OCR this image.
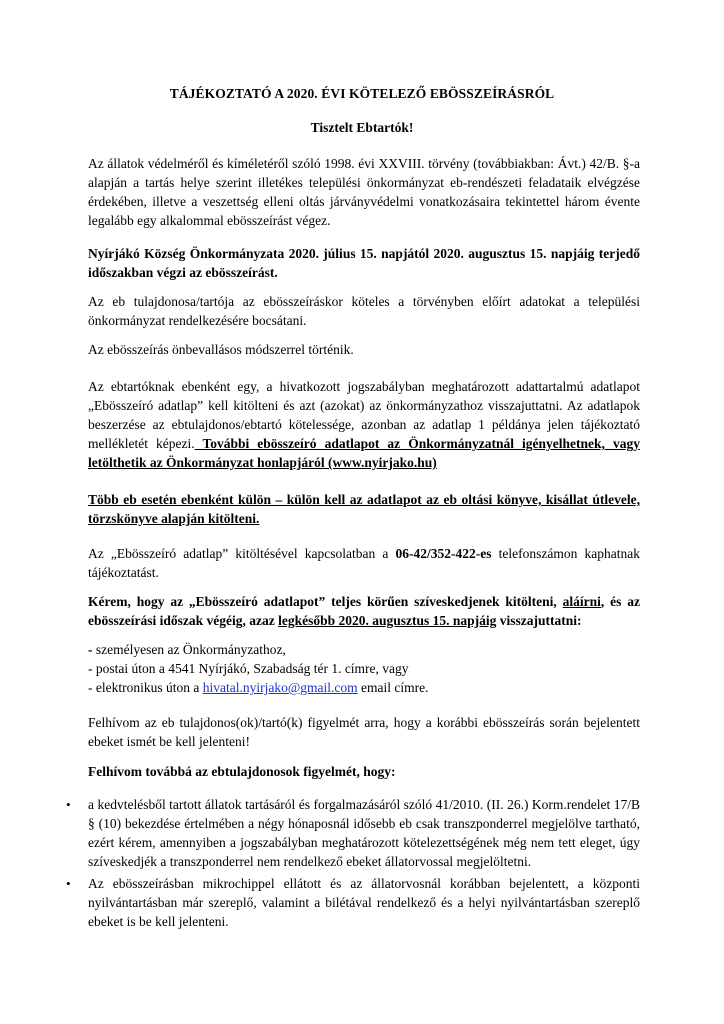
TÁJÉKOZTATÓ A 2020. ÉVI KÖTELEZŐ EBÖSSZEÍRÁSRÓL
Tisztelt Ebtartók!

Az állatok védelméről és kíméletéről szóló 1998. évi XXVIII. törvény (továbbiakban: Ávt.) 42/B. §-a alapján a tartás helye szerint illetékes települési önkormányzat eb-rendészeti feladataik elvégzése érdekében, illetve a veszettség elleni oltás járványvédelmi vonatkozásaira tekintettel három évente legalább egy alkalommal ebösszeírást végez.

Nyírjákó Község Önkormányzata 2020. július 15. napjától 2020. augusztus 15. napjáig terjedő időszakban végzi az ebösszeírást.

Az eb tulajdonosa/tartója az ebösszeíráskor köteles a törvényben előírt adatokat a települési önkormányzat rendelkezésére bocsátani.

Az ebösszeírás önbevallásos módszerrel történik.

Az ebtartóknak ebenként egy, a hivatkozott jogszabályban meghatározott adattartalmú adatlapot „Ebösszeíró adatlap” kell kitölteni és azt (azokat) az önkormányzathoz visszajuttatni. Az adatlapok beszerzése az ebtulajdonos/ebtartó kötelessége, azonban az adatlap 1 példánya jelen tájékoztató mellékletét képezi. További ebösszeíró adatlapot az Önkormányzatnál igényelhetnek, vagy letölthetik az Önkormányzat honlapjáról (www.nyirjako.hu)

Több eb esetén ebenként külön – külön kell az adatlapot az eb oltási könyve, kisállat útlevele, törzskönyve alapján kitölteni.

Az „Ebösszeíró adatlap” kitöltésével kapcsolatban a 06-42/352-422-es telefonszámon kaphatnak tájékoztatást.

Kérem, hogy az „Ebösszeíró adatlapot” teljes körűen szíveskedjenek kitölteni, aláírni, és az ebösszeírási időszak végéig, azaz legkésőbb 2020. augusztus 15. napjáig visszajuttatni:

- személyesen az Önkormányzathoz,
- postai úton a 4541 Nyírjákó, Szabadság tér 1. címre, vagy
- elektronikus úton a hivatal.nyirjako@gmail.com email címre.

Felhívom az eb tulajdonos(ok)/tartó(k) figyelmét arra, hogy a korábbi ebösszeírás során bejelentett ebeket ismét be kell jelenteni!

Felhívom továbbá az ebtulajdonosok figyelmét, hogy:

•	a kedvtelésből tartott állatok tartásáról és forgalmazásáról szóló 41/2010. (II. 26.) Korm.rendelet 17/B § (10) bekezdése értelmében a négy hónaposnál idősebb eb csak transzponderrel megjelölve tartható, ezért kérem, amennyiben a jogszabályban meghatározott kötelezettségének még nem tett eleget, úgy szíveskedjék a transzponderrel nem rendelkező ebeket állatorvossal megjelöltetni.
•	Az ebösszeírásban mikrochippel ellátott és az állatorvosnál korábban bejelentett, a központi nyilvántartásban már szereplő, valamint a bilétával rendelkező és a helyi nyilvántartásban szereplő ebeket is be kell jelenteni.
